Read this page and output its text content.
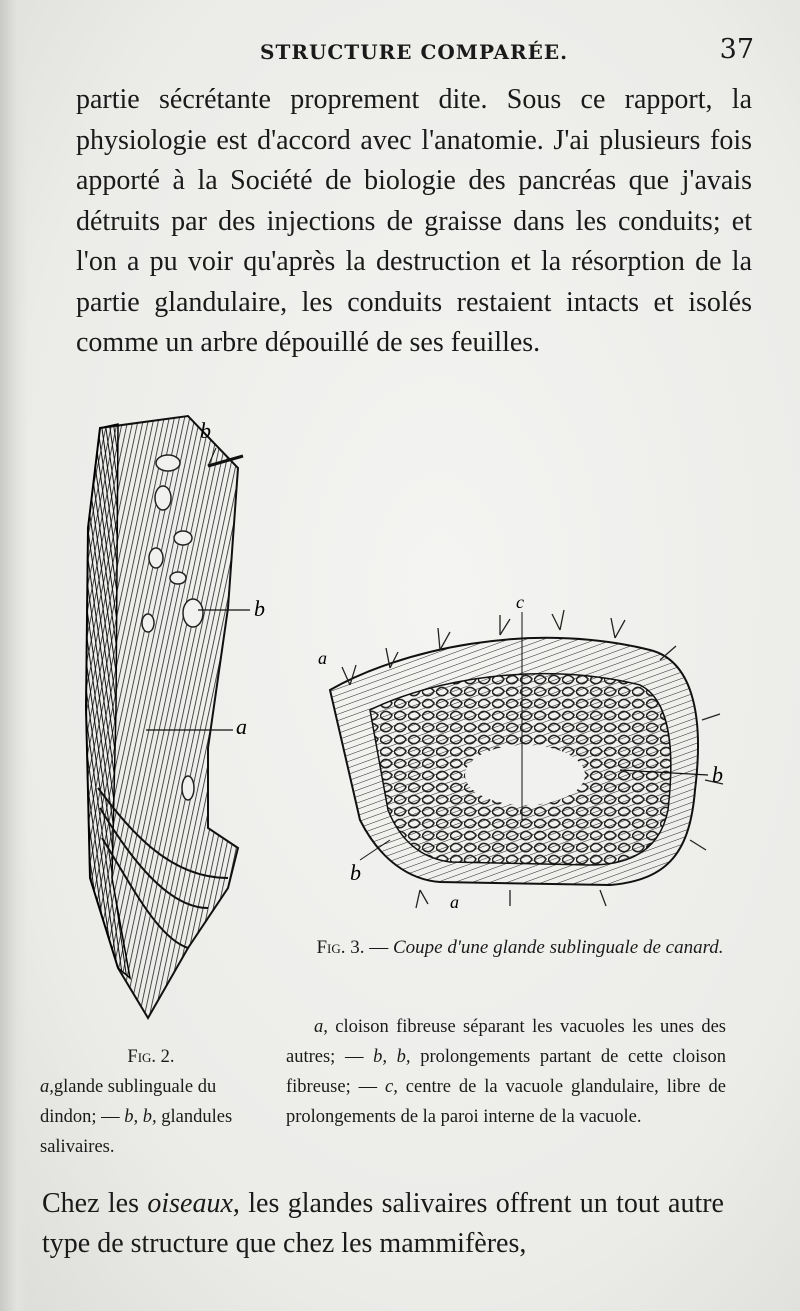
STRUCTURE COMPARÉE.	37

partie sécrétante proprement dite. Sous ce rapport, la physiologie est d'accord avec l'anatomie. J'ai plusieurs fois apporté à la Société de biologie des pancréas que j'avais détruits par des injections de graisse dans les conduits; et l'on a pu voir qu'après la destruction et la résorption de la partie glandulaire, les conduits restaient intacts et isolés comme un arbre dépouillé de ses feuilles.

b
b
a
c
a
b
b
a
Fig. 3. — Coupe d'une glande sublinguale de canard.

a, cloison fibreuse séparant les vacuoles les unes des autres; — b, b, prolongements partant de cette cloison fibreuse; — c, centre de la vacuole glandulaire, libre de prolongements de la paroi interne de la vacuole.

Fig. 2.
a,glande sublinguale du dindon; — b, b, glandules salivaires.

Chez les oiseaux, les glandes salivaires offrent un tout autre type de structure que chez les mammifères,
